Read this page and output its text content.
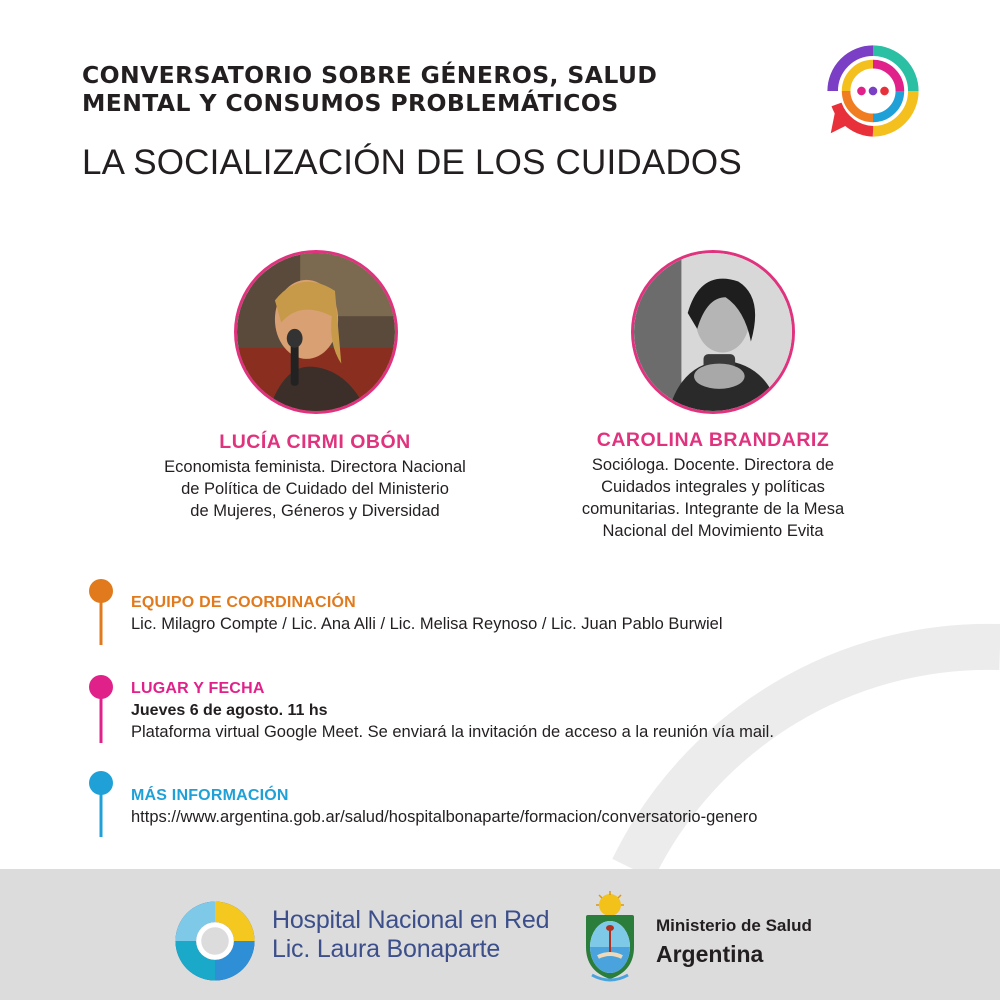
CONVERSATORIO SOBRE GÉNEROS, SALUD
MENTAL Y CONSUMOS PROBLEMÁTICOS
LA SOCIALIZACIÓN DE LOS CUIDADOS
LUCÍA CIRMI OBÓN
Economista feminista. Directora Nacional
de Política de Cuidado del Ministerio
de Mujeres, Géneros y Diversidad
CAROLINA BRANDARIZ
Socióloga. Docente. Directora de
Cuidados integrales y políticas
comunitarias. Integrante de la Mesa
Nacional del Movimiento Evita
EQUIPO DE COORDINACIÓN
Lic. Milagro Compte / Lic. Ana Alli / Lic. Melisa Reynoso / Lic. Juan Pablo Burwiel
LUGAR Y FECHA
Jueves 6 de agosto. 11 hs
Plataforma virtual Google Meet. Se enviará la invitación de acceso a la reunión vía mail.
MÁS INFORMACIÓN
https://www.argentina.gob.ar/salud/hospitalbonaparte/formacion/conversatorio-genero
Hospital Nacional en Red
Lic. Laura Bonaparte
Ministerio de Salud
Argentina
